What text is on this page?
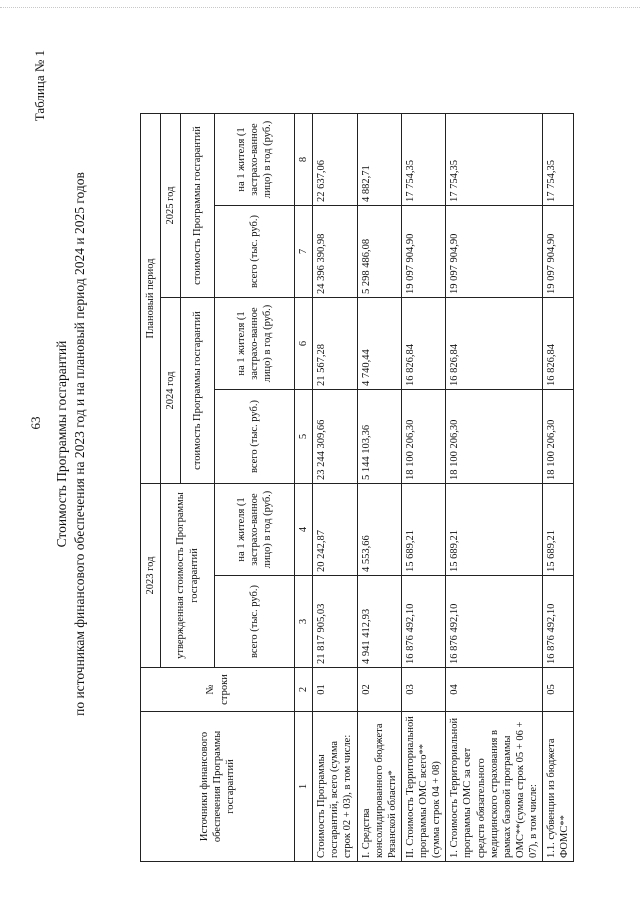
63
Таблица № 1
Стоимость Программы госгарантий по источникам финансового обеспечения на 2023 год и на плановый период 2024 и 2025 годов
Источники финансового обеспечения Программы госгарантий	№ строки	2023 год		Плановый период			
		утвержденная стоимость Программы госгарантий		2024 год		2025 год	
				стоимость Программы госгарантий		стоимость Программы госгарантий	
		всего (тыс. руб.)	на 1 жителя (1 застрахо-ванное лицо) в год (руб.)	всего (тыс. руб.)	на 1 жителя (1 застрахо-ванное лицо) в год (руб.)	всего (тыс. руб.)	на 1 жителя (1 застрахо-ванное лицо) в год (руб.)
1	2	3	4	5	6	7	8
Стоимость Программы госгарантий, всего (сумма строк 02 + 03), в том числе:	01	21 817 905,03	20 242,87	23 244 309,66	21 567,28	24 396 390,98	22 637,06
I. Средства консолидированного бюджета Рязанской области*	02	4 941 412,93	4 553,66	5 144 103,36	4 740,44	5 298 486,08	4 882,71
II. Стоимость Территориальной программы ОМС всего** (сумма строк 04 + 08)	03	16 876 492,10	15 689,21	18 100 206,30	16 826,84	19 097 904,90	17 754,35
1. Стоимость Территориальной программы ОМС за счет средств обязательного медицинского страхования в рамках базовой программы ОМС**(сумма строк 05 + 06 + 07), в том числе:	04	16 876 492,10	15 689,21	18 100 206,30	16 826,84	19 097 904,90	17 754,35
1.1. субвенции из бюджета ФОМС**	05	16 876 492,10	15 689,21	18 100 206,30	16 826,84	19 097 904,90	17 754,35
